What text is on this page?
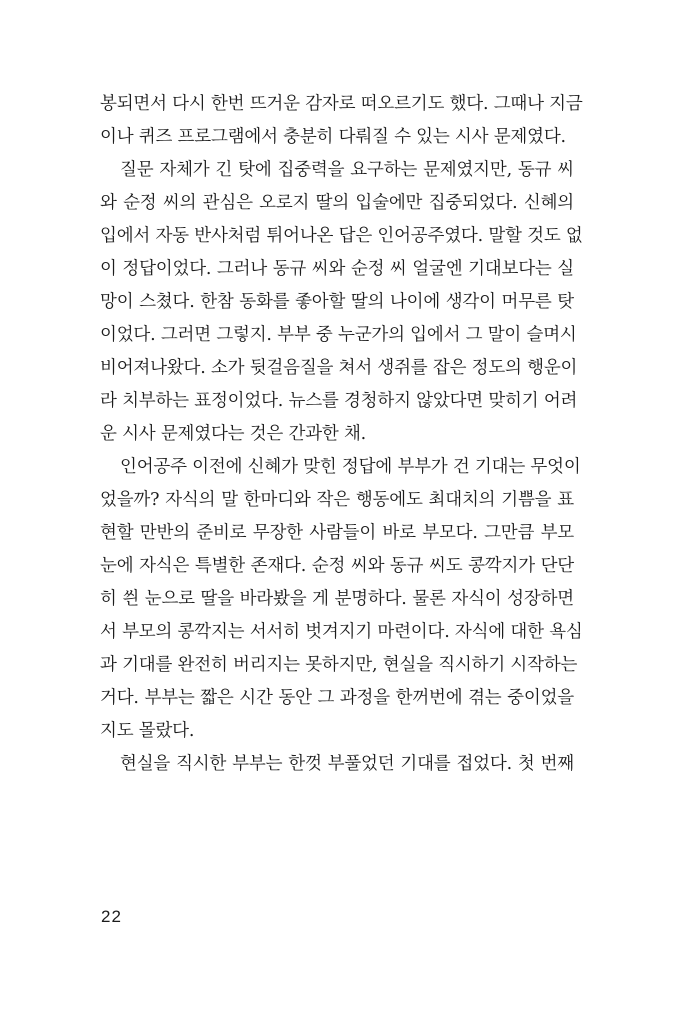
봉되면서 다시 한번 뜨거운 감자로 떠오르기도 했다. 그때나 지금
이나 퀴즈 프로그램에서 충분히 다뤄질 수 있는 시사 문제였다.
질문 자체가 긴 탓에 집중력을 요구하는 문제였지만, 동규 씨
와 순정 씨의 관심은 오로지 딸의 입술에만 집중되었다. 신혜의
입에서 자동 반사처럼 튀어나온 답은 인어공주였다. 말할 것도 없
이 정답이었다. 그러나 동규 씨와 순정 씨 얼굴엔 기대보다는 실
망이 스쳤다. 한참 동화를 좋아할 딸의 나이에 생각이 머무른 탓
이었다. 그러면 그렇지. 부부 중 누군가의 입에서 그 말이 슬며시
비어져나왔다. 소가 뒷걸음질을 쳐서 생쥐를 잡은 정도의 행운이
라 치부하는 표정이었다. 뉴스를 경청하지 않았다면 맞히기 어려
운 시사 문제였다는 것은 간과한 채.
인어공주 이전에 신혜가 맞힌 정답에 부부가 건 기대는 무엇이
었을까? 자식의 말 한마디와 작은 행동에도 최대치의 기쁨을 표
현할 만반의 준비로 무장한 사람들이 바로 부모다. 그만큼 부모
눈에 자식은 특별한 존재다. 순정 씨와 동규 씨도 콩깍지가 단단
히 씐 눈으로 딸을 바라봤을 게 분명하다. 물론 자식이 성장하면
서 부모의 콩깍지는 서서히 벗겨지기 마련이다. 자식에 대한 욕심
과 기대를 완전히 버리지는 못하지만, 현실을 직시하기 시작하는
거다. 부부는 짧은 시간 동안 그 과정을 한꺼번에 겪는 중이었을
지도 몰랐다.
현실을 직시한 부부는 한껏 부풀었던 기대를 접었다. 첫 번째
22
